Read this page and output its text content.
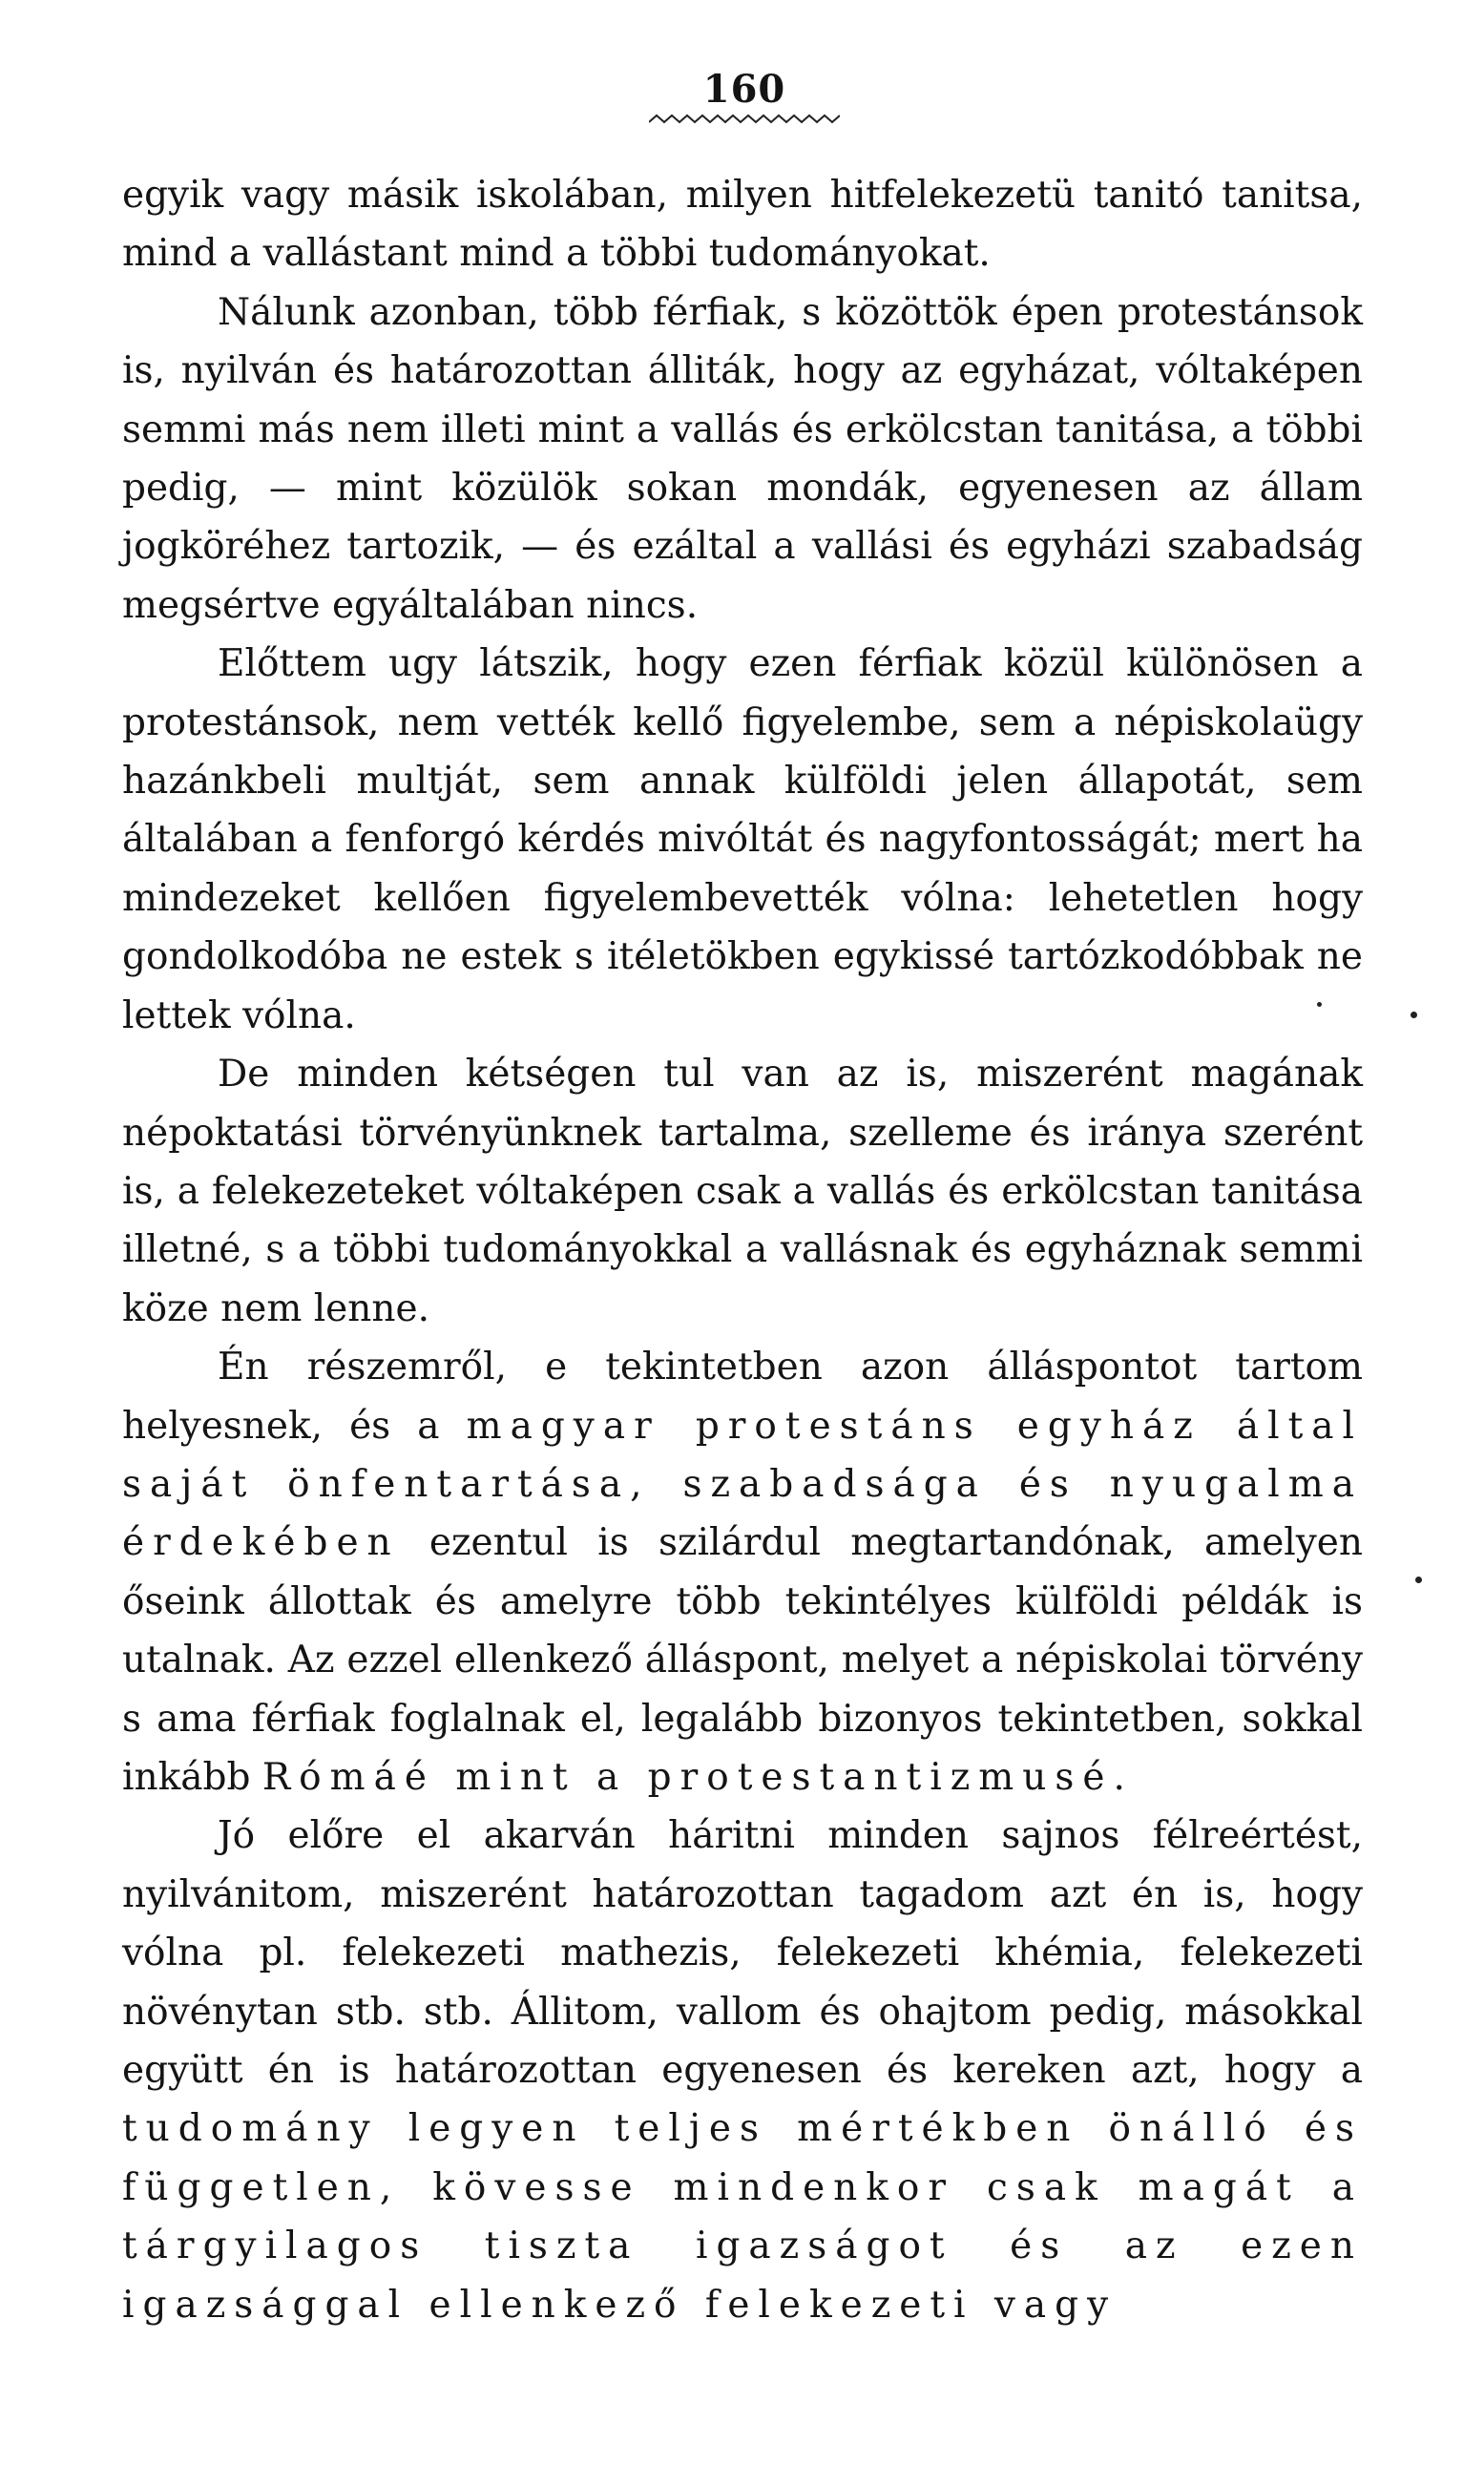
160

egyik vagy másik iskolában, milyen hitfelekezetü tanitó tanitsa, mind a vallástant mind a többi tudományokat.

Nálunk azonban, több férfiak, s közöttök épen protestánsok is, nyilván és határozottan álliták, hogy az egyházat, vóltaképen semmi más nem illeti mint a vallás és erkölcstan tanitása, a többi pedig, — mint közülök sokan mondák, egyenesen az állam jogköréhez tartozik, — és ezáltal a vallási és egyházi szabadság megsértve egyáltalában nincs.

Előttem ugy látszik, hogy ezen férfiak közül különösen a protestánsok, nem vették kellő figyelembe, sem a népiskolaügy hazánkbeli multját, sem annak külföldi jelen állapotát, sem általában a fenforgó kérdés mivóltát és nagyfontosságát; mert ha mindezeket kellően figyelembevették vólna: lehetetlen hogy gondolkodóba ne estek s itéletökben egykissé tartózkodóbbak ne lettek vólna.

De minden kétségen tul van az is, miszerént magának népoktatási törvényünknek tartalma, szelleme és iránya szerént is, a felekezeteket vóltaképen csak a vallás és erkölcstan tanitása illetné, s a többi tudományokkal a vallásnak és egyháznak semmi köze nem lenne.

Én részemről, e tekintetben azon álláspontot tartom helyesnek, és a magyar protestáns egyház által saját önfentartása, szabadsága és nyugalma érdekében ezentul is szilárdul megtartandónak, amelyen őseink állottak és amelyre több tekintélyes külföldi példák is utalnak. Az ezzel ellenkező álláspont, melyet a népiskolai törvény s ama férfiak foglalnak el, legalább bizonyos tekintetben, sokkal inkább Rómáé mint a protestantizmusé.

Jó előre el akarván háritni minden sajnos félreértést, nyilvánitom, miszerént határozottan tagadom azt én is, hogy vólna pl. felekezeti mathezis, felekezeti khémia, felekezeti növénytan stb. stb. Állitom, vallom és ohajtom pedig, másokkal együtt én is határozottan egyenesen és kereken azt, hogy a tudomány legyen teljes mértékben önálló és független, kövesse mindenkor csak magát a tárgyilagos tiszta igazságot és az ezen igazsággal ellenkező felekezeti vagy
